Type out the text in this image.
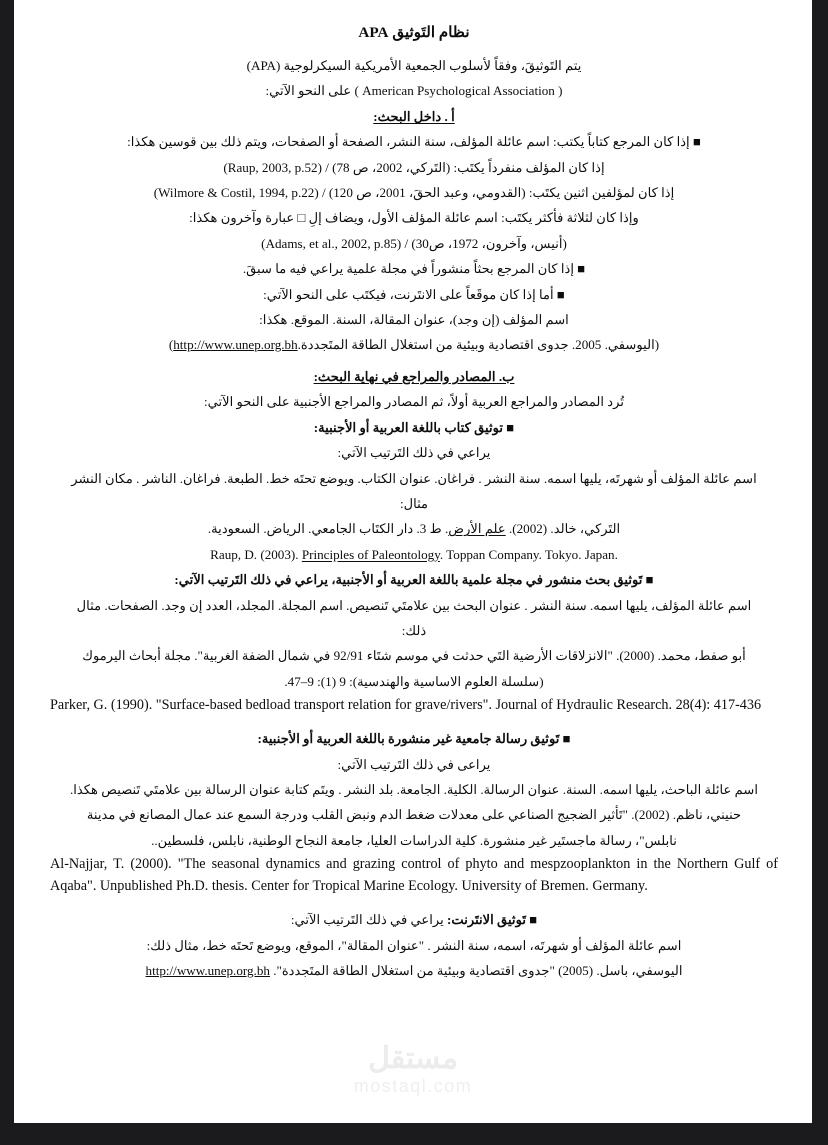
نظام التَوثيق APA
يتم التَوثيقَ، وفقاً لأسلوب الجمعية الأمريكية السيكرلوجية (APA)
( American Psychological Association ) على النحو الآتي:
أ . داخل البحث:
■ إذا كان المرجع كتاباً يكتب: اسم عائلة المؤلف، سنة النشر، الصفحة أو الصفحات، ويتم ذلك بين قوسين هكذا:
إذا كان المؤلف منفرداً يكتَب: (التَركي، 2002، ص 78) / (Raup, 2003, p.52)
إذا كان لمؤلفين اثنين يكتَب: (القدومي، وعبد الحقَ، 2001، ص 120) / (Wilmore & Costil, 1994, p.22)
وإذا كان لثلاثة فأكثر يكتَب: اسم عائلة المؤلف الأول، ويضاف إلِ □ عبارة وآخرون هكذا:
(أنيس، وآخرون، 1972، ص30) / (Adams, et al., 2002, p.85)
■ إذا كان المرجع بحثاً منشوراً في مجلة علمية يراعي فيه ما سبقَ.
■ أما إذا كان موقَعاً على الانتَرنت، فيكتَب على النحو الآتي:
اسم المؤلف (إن وجد)، عنوان المقالة، السنة. الموقع. هكذا:
(اليوسفي. 2005. جدوى اقتصادية وبيئية من استغلال الطاقة المتَجددة.http://www.unep.org.bh)
ب. المصادر والمراجع في نهاية البحث:
تُرد المصادر والمراجع العربية أولاً، ثم المصادر والمراجع الأجنبية على النحو الآتي:
■ توثيق كتاب باللغة العربية أو الأجنبية:
يراعي في ذلك التَرتيب الآتي:
اسم عائلة المؤلف أو شهرتَه، يليها اسمه. سنة النشر . فراغان. عنوان الكتاب. ويوضع تحتَه خط. الطبعة. فراغان. الناشر . مكان النشر
مثال:
التَركي، خالد. (2002). علم الأرض. ط 3. دار الكتَاب الجامعي. الرياض. السعودية.
Raup, D. (2003). Principles of Paleontology. Toppan Company. Tokyo. Japan.
■ تَوثيق بحث منشور في مجلة علمية باللغة العربية أو الأجنبية، يراعي في ذلك التَرتيب الآتي:
اسم عائلة المؤلف، يليها اسمه. سنة النشر . عنوان البحث بين علامتَي تَنصيص. اسم المجلة. المجلد، العدد إن وجد. الصفحات. مثال
ذلك:
أبو صفط، محمد. (2000). "الانزلاقات الأرضية التَي حدثت في موسم شتَاء 92/91 في شمال الضفة الغربية". مجلة أبحاث اليرموك
(سلسلة العلوم الاساسية والهندسية): 9 (1): 9–47.
Parker, G. (1990). "Surface-based bedload transport relation for grave/rivers". Journal of Hydraulic Research. 28(4): 417-436
■ تَوثيق رسالة جامعية غير منشورة باللغة العربية أو الأجنبية:
يراعى في ذلك التَرتيب الآتي:
اسم عائلة الباحث، يليها اسمه. السنة. عنوان الرسالة. الكلية. الجامعة. بلد النشر . ويتَم كتابة عنوان الرسالة بين علامتَي تَنصيص هكذا.
حنيني، ناظم. (2002). "تَأثير الضجيج الصناعي على معدلات ضغط الدم ونبض القلب ودرجة السمع عند عمال المصانع في مدينة
نابلس"، رسالة ماجستَير غير منشورة. كلية الدراسات العليا، جامعة النجاح الوطنية، نابلس، فلسطين..
Al-Najjar, T. (2000). "The seasonal dynamics and grazing control of phyto and mespzooplankton in the Northern Gulf of Aqaba". Unpublished Ph.D. thesis. Center for Tropical Marine Ecology. University of Bremen. Germany.
■ تَوثيق الانتَرنت: يراعي في ذلك التَرتيب الآتي:
اسم عائلة المؤلف أو شهرتَه، اسمه، سنة النشر . "عنوان المقالة"، الموقع، ويوضع تَحتَه خط، مثال ذلك:
اليوسفي، باسل. (2005) "جدوى اقتصادية وبيئية من استغلال الطاقة المتَجددة". http://www.unep.org.bh
مستقل
mostaql.com
